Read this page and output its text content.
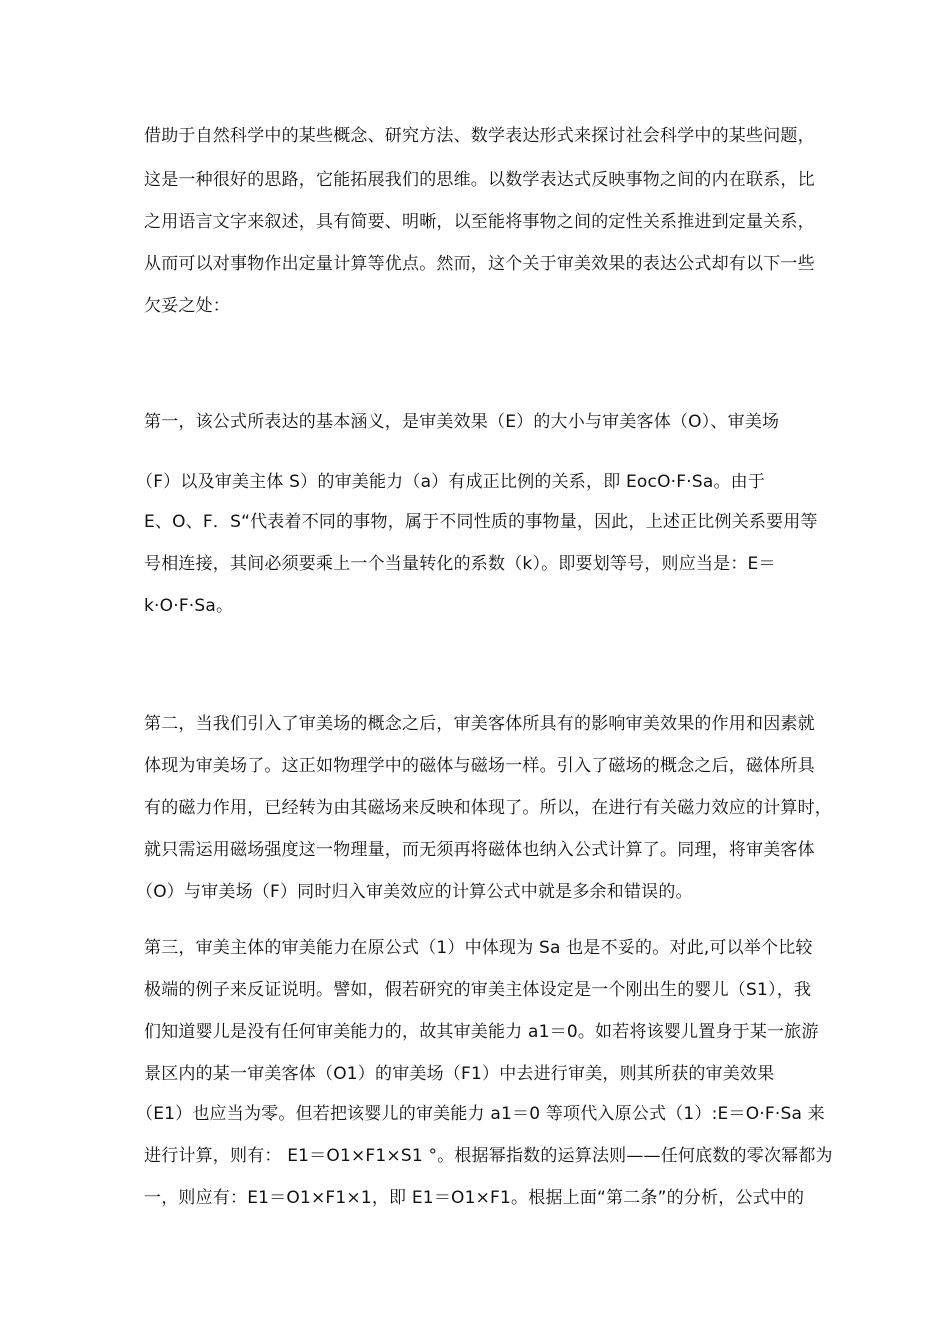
借助于自然科学中的某些概念、研究方法、数学表达形式来探讨社会科学中的某些问题，
这是一种很好的思路，它能拓展我们的思维。以数学表达式反映事物之间的内在联系，比
之用语言文字来叙述，具有简要、明晰，以至能将事物之间的定性关系推进到定量关系，
从而可以对事物作出定量计算等优点。然而，这个关于审美效果的表达公式却有以下一些
欠妥之处：
第一，该公式所表达的基本涵义，是审美效果（E）的大小与审美客体（O）、审美场
（F）以及审美主体 S）的审美能力（a）有成正比例的关系，即 EocO·F·Sa。由于
E、O、F．S“代表着不同的事物，属于不同性质的事物量，因此，上述正比例关系要用等
号相连接，其间必须要乘上一个当量转化的系数（k）。即要划等号，则应当是：E＝
k·O·F·Sa。
第二，当我们引入了审美场的概念之后，审美客体所具有的影响审美效果的作用和因素就
体现为审美场了。这正如物理学中的磁体与磁场一样。引入了磁场的概念之后，磁体所具
有的磁力作用，已经转为由其磁场来反映和体现了。所以，在进行有关磁力效应的计算时，
就只需运用磁场强度这一物理量，而无须再将磁体也纳入公式计算了。同理，将审美客体
（O）与审美场（F）同时归入审美效应的计算公式中就是多余和错误的。
第三，审美主体的审美能力在原公式（1）中体现为 Sa 也是不妥的。对此,可以举个比较
极端的例子来反证说明。譬如，假若研究的审美主体设定是一个刚出生的婴儿（S1），我
们知道婴儿是没有任何审美能力的，故其审美能力 a1＝0。如若将该婴儿置身于某一旅游
景区内的某一审美客体（O1）的审美场（F1）中去进行审美，则其所获的审美效果
（E1）也应当为零。但若把该婴儿的审美能力 a1＝0 等项代入原公式（1）:E＝O·F·Sa 来
进行计算，则有： E1＝O1×F1×S1 °。根据幂指数的运算法则——任何底数的零次幂都为
一，则应有：E1＝O1×F1×1，即 E1＝O1×F1。根据上面“第二条”的分析，公式中的
